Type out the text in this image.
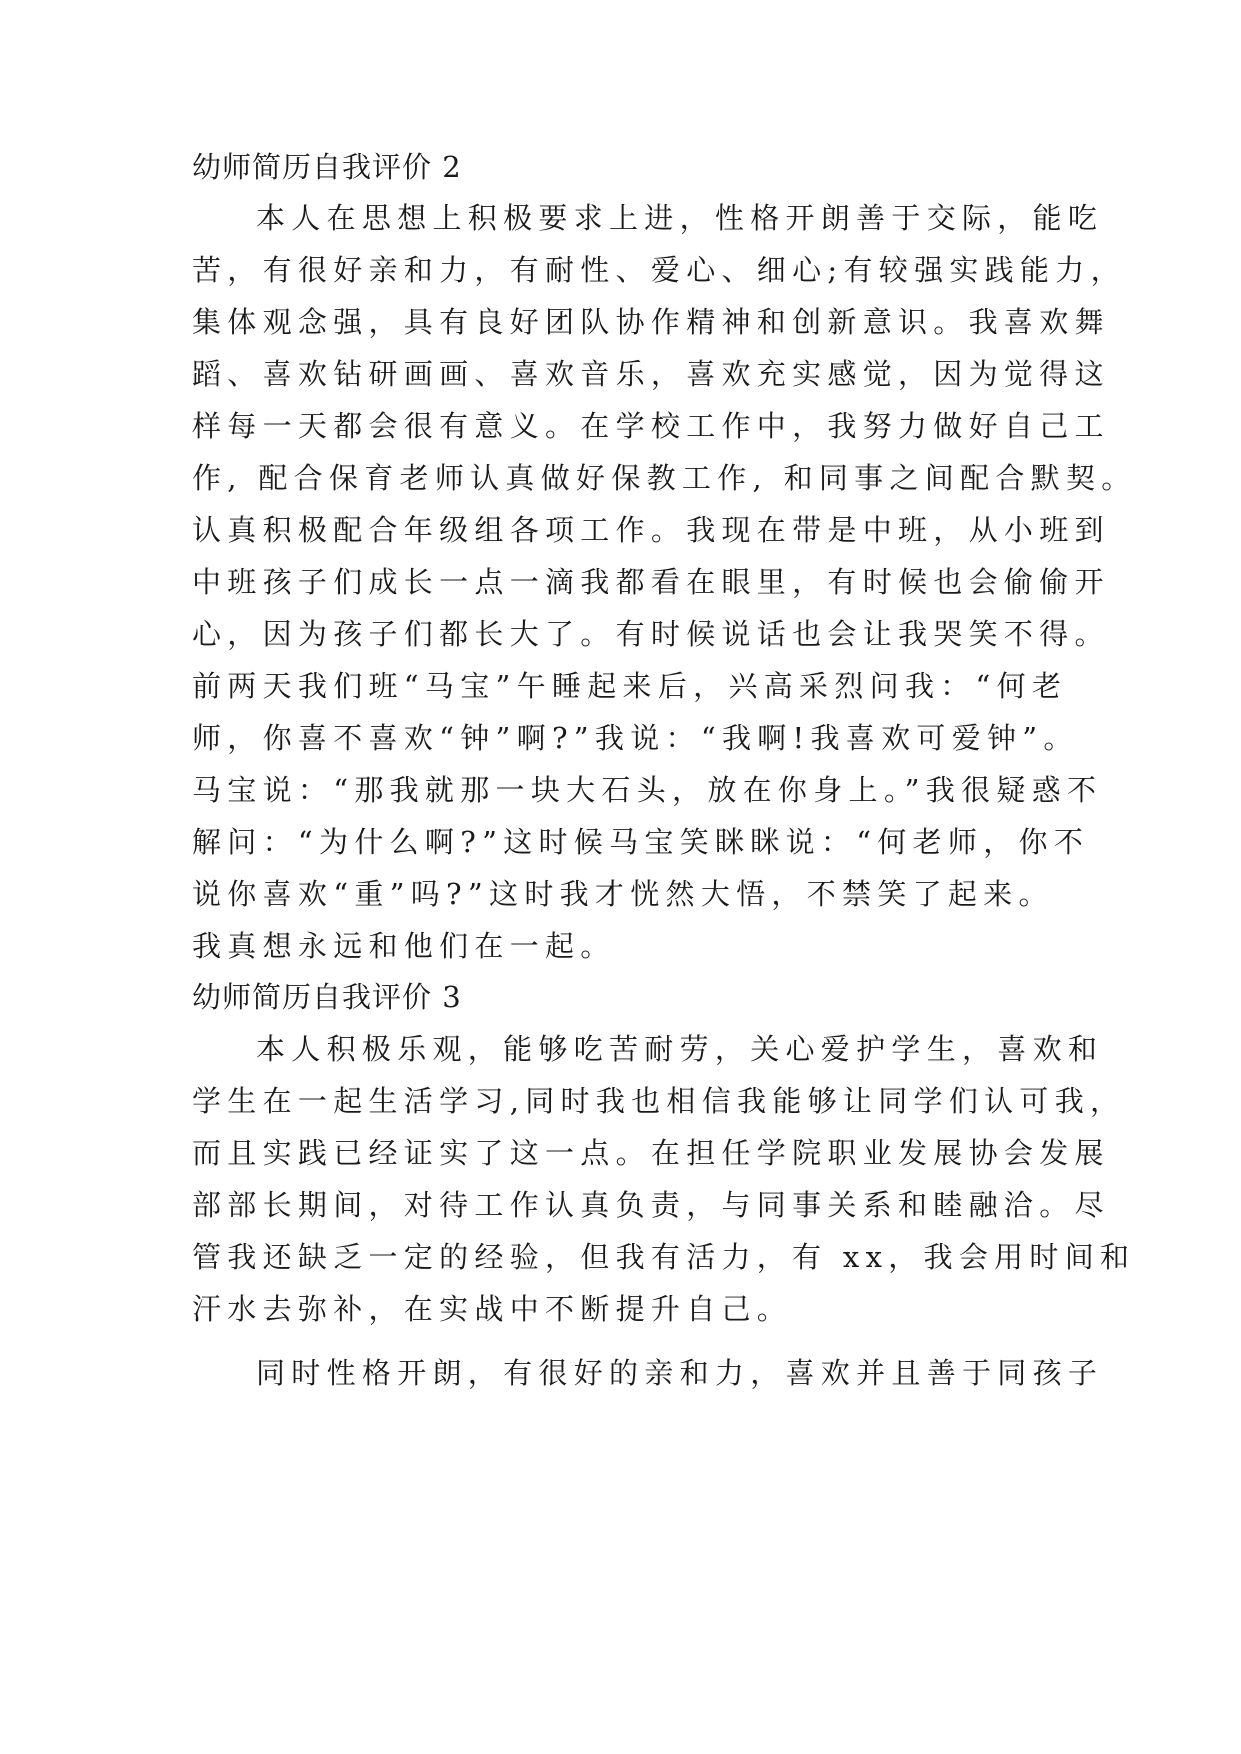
幼师简历自我评价 2
本人在思想上积极要求上进，性格开朗善于交际，能吃
苦，有很好亲和力，有耐性、爱心、细心;有较强实践能力，
集体观念强，具有良好团队协作精神和创新意识。我喜欢舞
蹈、喜欢钻研画画、喜欢音乐，喜欢充实感觉，因为觉得这
样每一天都会很有意义。在学校工作中，我努力做好自己工
作, 配合保育老师认真做好保教工作, 和同事之间配合默契。
认真积极配合年级组各项工作。我现在带是中班，从小班到
中班孩子们成长一点一滴我都看在眼里，有时候也会偷偷开
心，因为孩子们都长大了。有时候说话也会让我哭笑不得。
前两天我们班“马宝”午睡起来后，兴高采烈问我：“何老
师，你喜不喜欢“钟”啊?”我说：“我啊!我喜欢可爱钟”。
马宝说：“那我就那一块大石头，放在你身上。”我很疑惑不
解问：“为什么啊?”这时候马宝笑眯眯说：“何老师，你不
说你喜欢“重”吗?”这时我才恍然大悟，不禁笑了起来。
我真想永远和他们在一起。
幼师简历自我评价 3
本人积极乐观，能够吃苦耐劳，关心爱护学生，喜欢和
学生在一起生活学习,同时我也相信我能够让同学们认可我，
而且实践已经证实了这一点。在担任学院职业发展协会发展
部部长期间，对待工作认真负责，与同事关系和睦融洽。尽
管我还缺乏一定的经验，但我有活力，有 xx，我会用时间和
汗水去弥补，在实战中不断提升自己。
同时性格开朗，有很好的亲和力，喜欢并且善于同孩子
